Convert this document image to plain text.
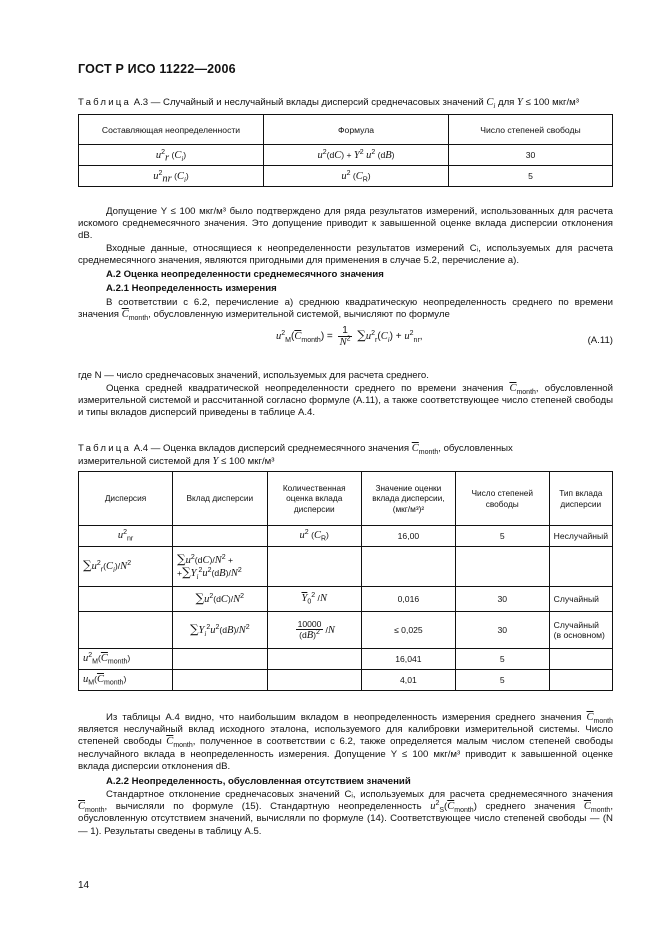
ГОСТ Р ИСО 11222—2006
Таблица А.3 — Случайный и неслучайный вклады дисперсий среднечасовых значений $C_i$ для Y ≤ 100 мкг/м³
Составляющая неопределенности	Формула	Число степеней свободы
$u^2_r$ $(C_i)$	$u^2(dC) + Y^2$ $u^2$ (dB)	30
$u^2_{nr}$ $(C_i)$	$u^2$ $(C_R)$	5
Допущение Y ≤ 100 мкг/м³ было подтверждено для ряда результатов измерений, использованных для расчета искомого среднемесячного значения. Это допущение приводит к завышенной оценке вклада дисперсии отклонения dB.
Входные данные, относящиеся к неопределенности результатов измерений Cᵢ, используемых для расчета среднемесячного значения, являются пригодными для применения в случае 5.2, перечисление а).
А.2 Оценка неопределенности среднемесячного значения
А.2.1 Неопределенность измерения
В соответствии с 6.2, перечисление а) среднюю квадратическую неопределенность среднего по времени значения $\overline{C}_{month}$, обусловленную измерительной системой, вычисляют по формуле
$u^2_M(\overline{C}_{month}) = \frac{1}{N^2} \sum u^2_r(C_i) + u^2_{nr}$,	(А.11)
где N — число среднечасовых значений, используемых для расчета среднего.
Оценка средней квадратической неопределенности среднего по времени значения $\overline{C}_{month}$, обусловленной измерительной системой и рассчитанной согласно формуле (А.11), а также соответствующее число степеней свободы и типы вкладов дисперсий приведены в таблице А.4.
Таблица А.4 — Оценка вкладов дисперсий среднемесячного значения $\overline{C}_{month}$, обусловленных
измерительной системой для Y ≤ 100 мкг/м³
Дисперсия	Вклад дисперсии	Количественная оценка вклада дисперсии	Значение оценки вклада дисперсии, (мкг/м³)²	Число степеней свободы	Тип вклада дисперсии
$u^2_{nr}$		$u^2$ $(C_R)$	16,00	5	Неслучайный
$\sum u^2_r(C_i)/N^2$	$\sum u^2(dC)/N^2$ +
$+\sum Y_i^2u^2(dB)/N^2$				
	$\sum u^2(dC)/N^2$	$\overline{Y}_0^2$ /N	0,016	30	Случайный
	$\sum Y_i^2u^2(dB)/N^2$	$\frac{10000}{(dB)^2} /N$	≤ 0,025	30	Случайный (в основном)
$u^2_M(\overline{C}_{month})$			16,041	5	
$u_M(\overline{C}_{month})$			4,01	5	
Из таблицы А.4 видно, что наибольшим вкладом в неопределенность измерения среднего значения $\overline{C}_{month}$ является неслучайный вклад исходного эталона, используемого для калибровки измерительной системы. Число степеней свободы $\overline{C}_{month}$, полученное в соответствии с 6.2, также определяется малым числом степеней свободы неслучайного вклада в неопределенность измерения. Допущение Y ≤ 100 мкг/м³ приводит к завышенной оценке вклада дисперсии отклонения dB.
А.2.2 Неопределенность, обусловленная отсутствием значений
Стандартное отклонение среднечасовых значений Cᵢ, используемых для расчета среднемесячного значения $\overline{C}_{month}$, вычисляли по формуле (15). Стандартную неопределенность $u^2_S(\overline{C}_{month})$ среднего значения $\overline{C}_{month}$, обусловленную отсутствием значений, вычисляли по формуле (14). Соответствующее число степеней свободы — (N — 1). Результаты сведены в таблицу А.5.
14
